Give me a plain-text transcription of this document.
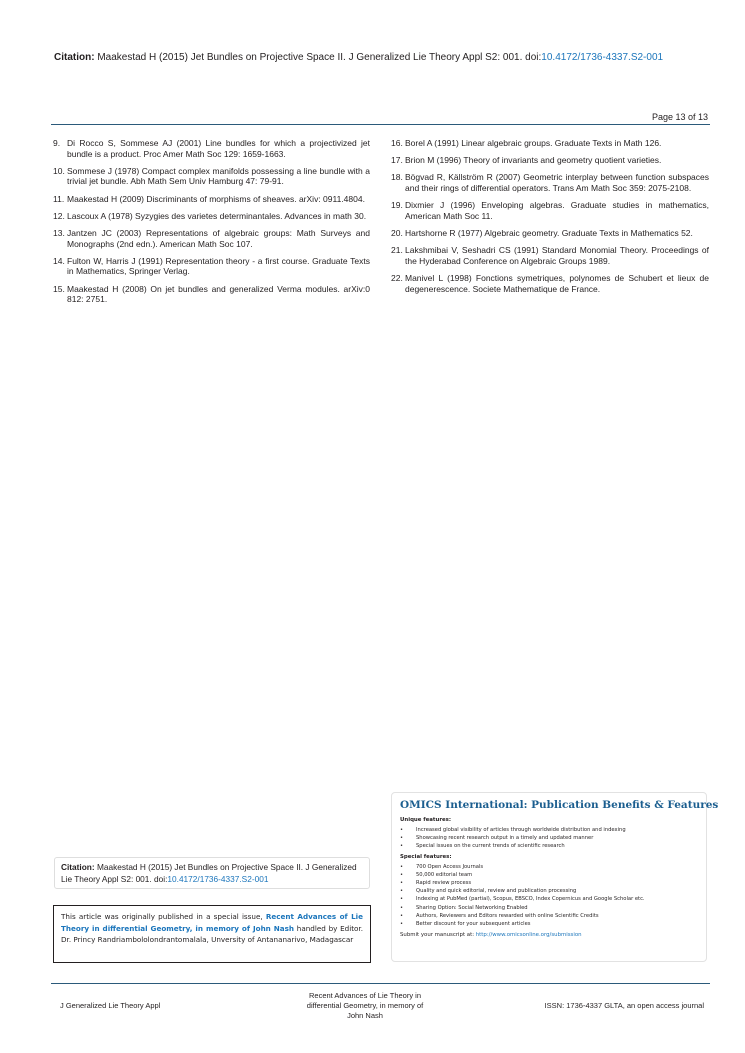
Citation: Maakestad H (2015) Jet Bundles on Projective Space II. J Generalized Lie Theory Appl S2: 001. doi:10.4172/1736-4337.S2-001
Page 13 of 13
9. Di Rocco S, Sommese AJ (2001) Line bundles for which a projectivized jet bundle is a product. Proc Amer Math Soc 129: 1659-1663.
10. Sommese J (1978) Compact complex manifolds possessing a line bundle with a trivial jet bundle. Abh Math Sem Univ Hamburg 47: 79-91.
11. Maakestad H (2009) Discriminants of morphisms of sheaves. arXiv: 0911.4804.
12. Lascoux A (1978) Syzygies des varietes determinantales. Advances in math 30.
13. Jantzen JC (2003) Representations of algebraic groups: Math Surveys and Monographs (2nd edn.). American Math Soc 107.
14. Fulton W, Harris J (1991) Representation theory - a first course. Graduate Texts in Mathematics, Springer Verlag.
15. Maakestad H (2008) On jet bundles and generalized Verma modules. arXiv:0 812: 2751.
16. Borel A (1991) Linear algebraic groups. Graduate Texts in Math 126.
17. Brion M (1996) Theory of invariants and geometry quotient varieties.
18. Bögvad R, Källström R (2007) Geometric interplay between function subspaces and their rings of differential operators. Trans Am Math Soc 359: 2075-2108.
19. Dixmier J (1996) Enveloping algebras. Graduate studies in mathematics, American Math Soc 11.
20. Hartshorne R (1977) Algebraic geometry. Graduate Texts in Mathematics 52.
21. Lakshmibai V, Seshadri CS (1991) Standard Monomial Theory. Proceedings of the Hyderabad Conference on Algebraic Groups 1989.
22. Manivel L (1998) Fonctions symetriques, polynomes de Schubert et lieux de degenerescence. Societe Mathematique de France.
OMICS International: Publication Benefits & Features

Unique features:

• Increased global visibility of articles through worldwide distribution and indexing
• Showcasing recent research output in a timely and updated manner
• Special issues on the current trends of scientific research

Special features:

• 700 Open Access Journals
• 50,000 editorial team
• Rapid review process
• Quality and quick editorial, review and publication processing
• Indexing at PubMed (partial), Scopus, EBSCO, Index Copernicus and Google Scholar etc.
• Sharing Option: Social Networking Enabled
• Authors, Reviewers and Editors rewarded with online Scientific Credits
• Better discount for your subsequent articles
Submit your manuscript at: http://www.omicsonline.org/submission
Citation: Maakestad H (2015) Jet Bundles on Projective Space II. J Generalized Lie Theory Appl S2: 001. doi:10.4172/1736-4337.S2-001
This article was originally published in a special issue, Recent Advances of Lie Theory in differential Geometry, in memory of John Nash handled by Editor. Dr. Princy Randriambololondrantomalala, Unversity of Antananarivo, Madagascar
J Generalized Lie Theory Appl
Recent Advances of Lie Theory in
differential Geometry, in memory of
John Nash
ISSN: 1736-4337 GLTA, an open access journal
